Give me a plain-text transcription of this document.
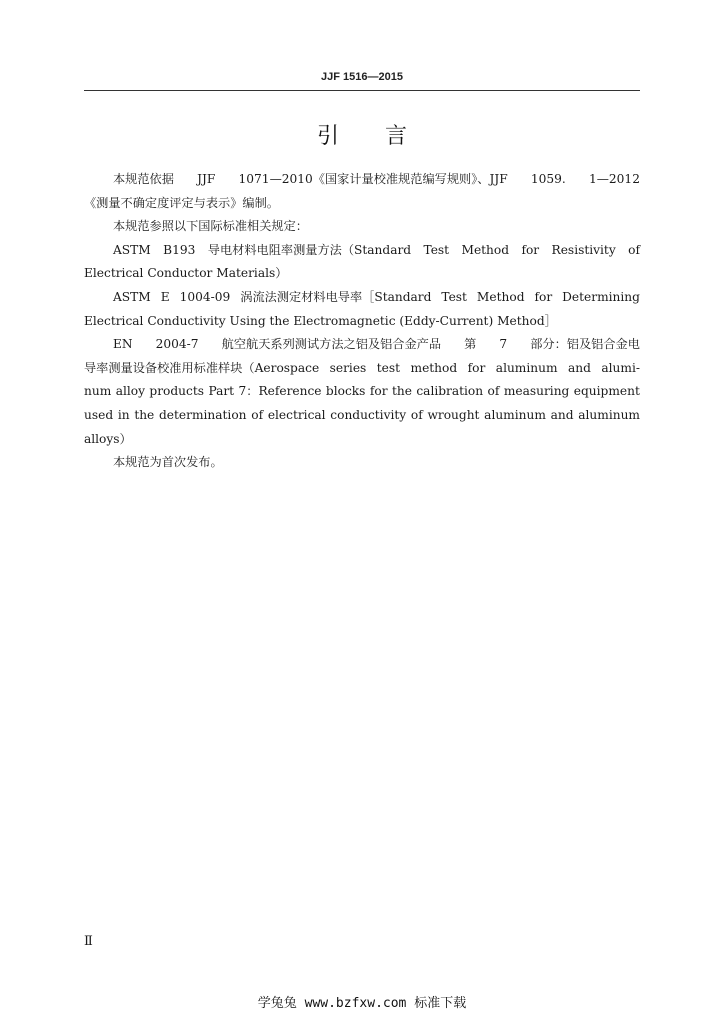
JJF 1516—2015
引言
本规范依据 JJF 1071—2010《国家计量校准规范编写规则》、JJF 1059. 1—2012
《测量不确定度评定与表示》编制。
本规范参照以下国际标准相关规定：
ASTM B193 导电材料电阻率测量方法（Standard Test Method for Resistivity of
Electrical Conductor Materials）
ASTM E 1004-09 涡流法测定材料电导率［Standard Test Method for Determining
Electrical Conductivity Using the Electromagnetic (Eddy-Current) Method］
EN 2004-7 航空航天系列测试方法之铝及铝合金产品 第 7 部分：铝及铝合金电
导率测量设备校准用标准样块（Aerospace series test method for aluminum and alumi-
num alloy products Part 7：Reference blocks for the calibration of measuring equipment
used in the determination of electrical conductivity of wrought aluminum and aluminum
alloys）
本规范为首次发布。
Ⅱ
学兔兔 www.bzfxw.com 标准下载
